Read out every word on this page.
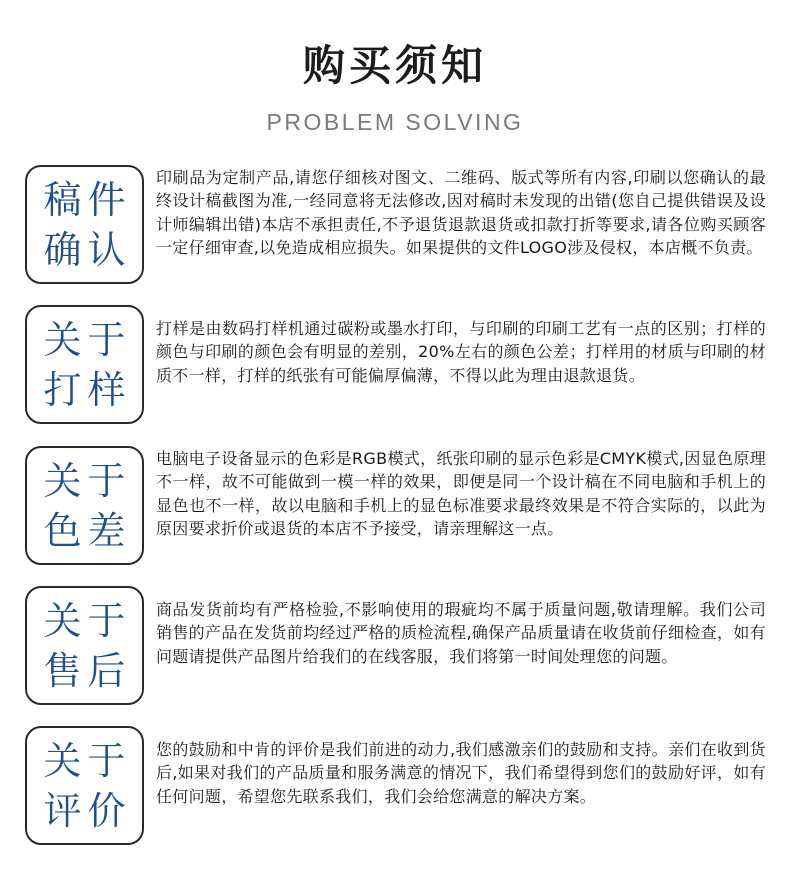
购买须知
PROBLEM SOLVING
稿件
确认
印刷品为定制产品,请您仔细核对图文、二维码、版式等所有内容,印刷以您确认的最终设计稿截图为准,一经同意将无法修改,因对稿时未发现的出错(您自己提供错误及设计师编辑出错)本店不承担责任,不予退货退款退货或扣款打折等要求,请各位购买顾客一定仔细审查,以免造成相应损失。如果提供的文件LOGO涉及侵权，本店概不负责。
关于
打样
打样是由数码打样机通过碳粉或墨水打印，与印刷的印刷工艺有一点的区别；打样的颜色与印刷的颜色会有明显的差别，20%左右的颜色公差；打样用的材质与印刷的材质不一样，打样的纸张有可能偏厚偏薄，不得以此为理由退款退货。
关于
色差
电脑电子设备显示的色彩是RGB模式，纸张印刷的显示色彩是CMYK模式,因显色原理不一样，故不可能做到一模一样的效果，即便是同一个设计稿在不同电脑和手机上的显色也不一样，故以电脑和手机上的显色标准要求最终效果是不符合实际的，以此为原因要求折价或退货的本店不予接受，请亲理解这一点。
关于
售后
商品发货前均有严格检验,不影响使用的瑕疵均不属于质量问题,敬请理解。我们公司销售的产品在发货前均经过严格的质检流程,确保产品质量请在收货前仔细检查，如有问题请提供产品图片给我们的在线客服，我们将第一时间处理您的问题。
关于
评价
您的鼓励和中肯的评价是我们前进的动力,我们感激亲们的鼓励和支持。亲们在收到货后,如果对我们的产品质量和服务满意的情况下，我们希望得到您们的鼓励好评，如有任何问题，希望您先联系我们，我们会给您满意的解决方案。
